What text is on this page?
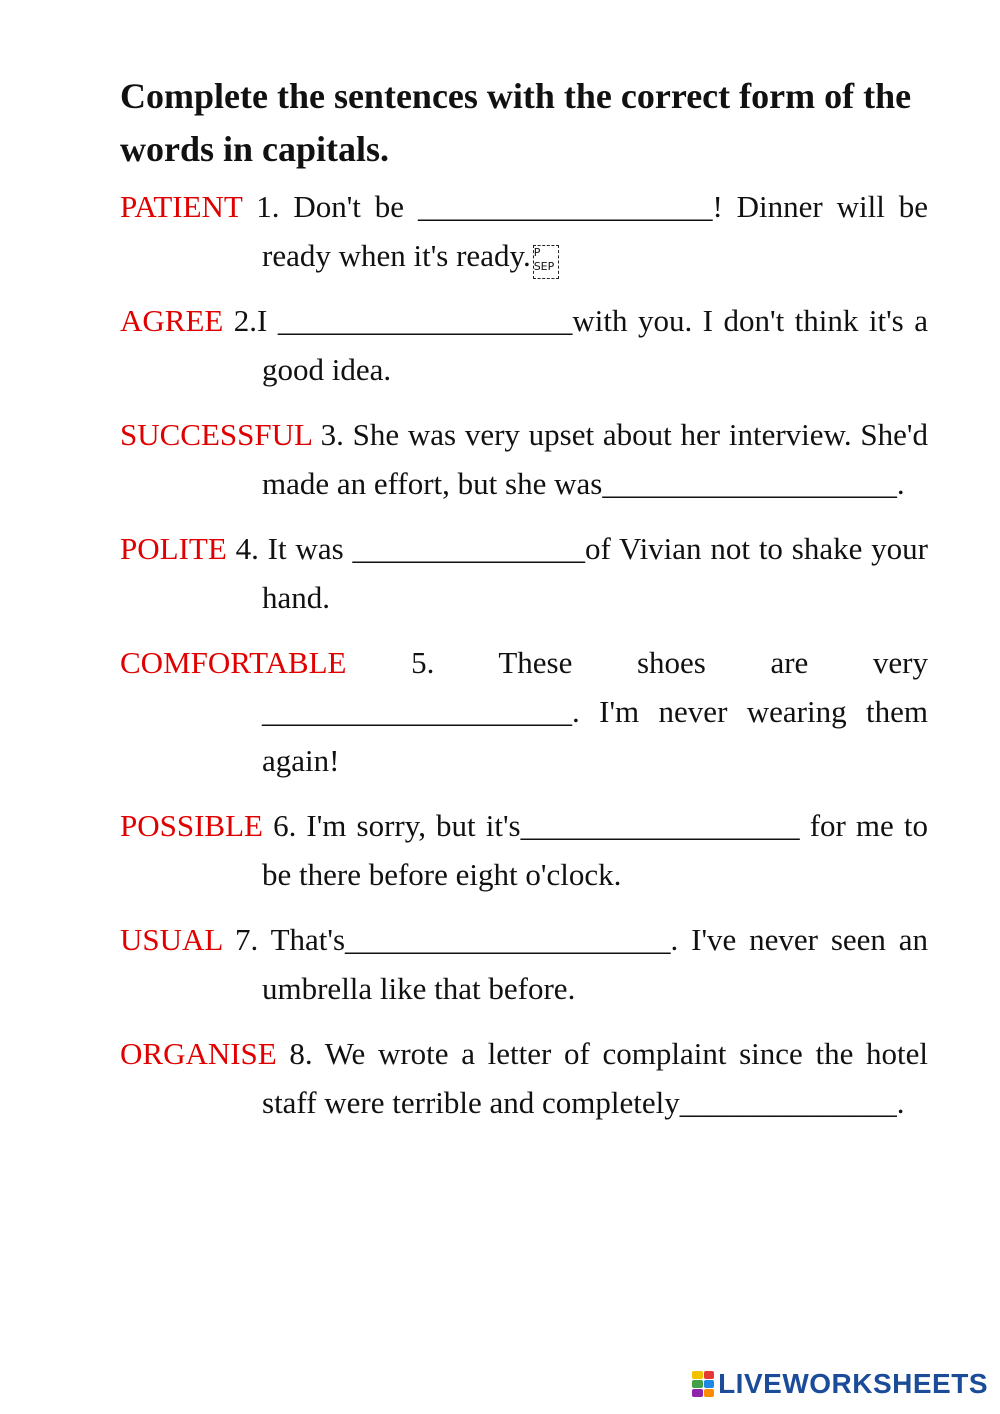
Complete the sentences with the correct form of the words in capitals.
PATIENT 1. Don't be ___________________! Dinner will be ready when it's ready. P
SEP
AGREE 2.I ___________________with you. I don't think it's a good idea.
SUCCESSFUL 3. She was very upset about her interview. She'd made an effort, but she was___________________.
POLITE 4. It was _______________of Vivian not to shake your hand.
COMFORTABLE 5. These shoes are very ____________________. I'm never wearing them again!
POSSIBLE 6. I'm sorry, but it's__________________ for me to be there before eight o'clock.
USUAL 7. That's_____________________. I've never seen an umbrella like that before.
ORGANISE 8. We wrote a letter of complaint since the hotel staff were terrible and completely______________.
LIVEWORKSHEETS
